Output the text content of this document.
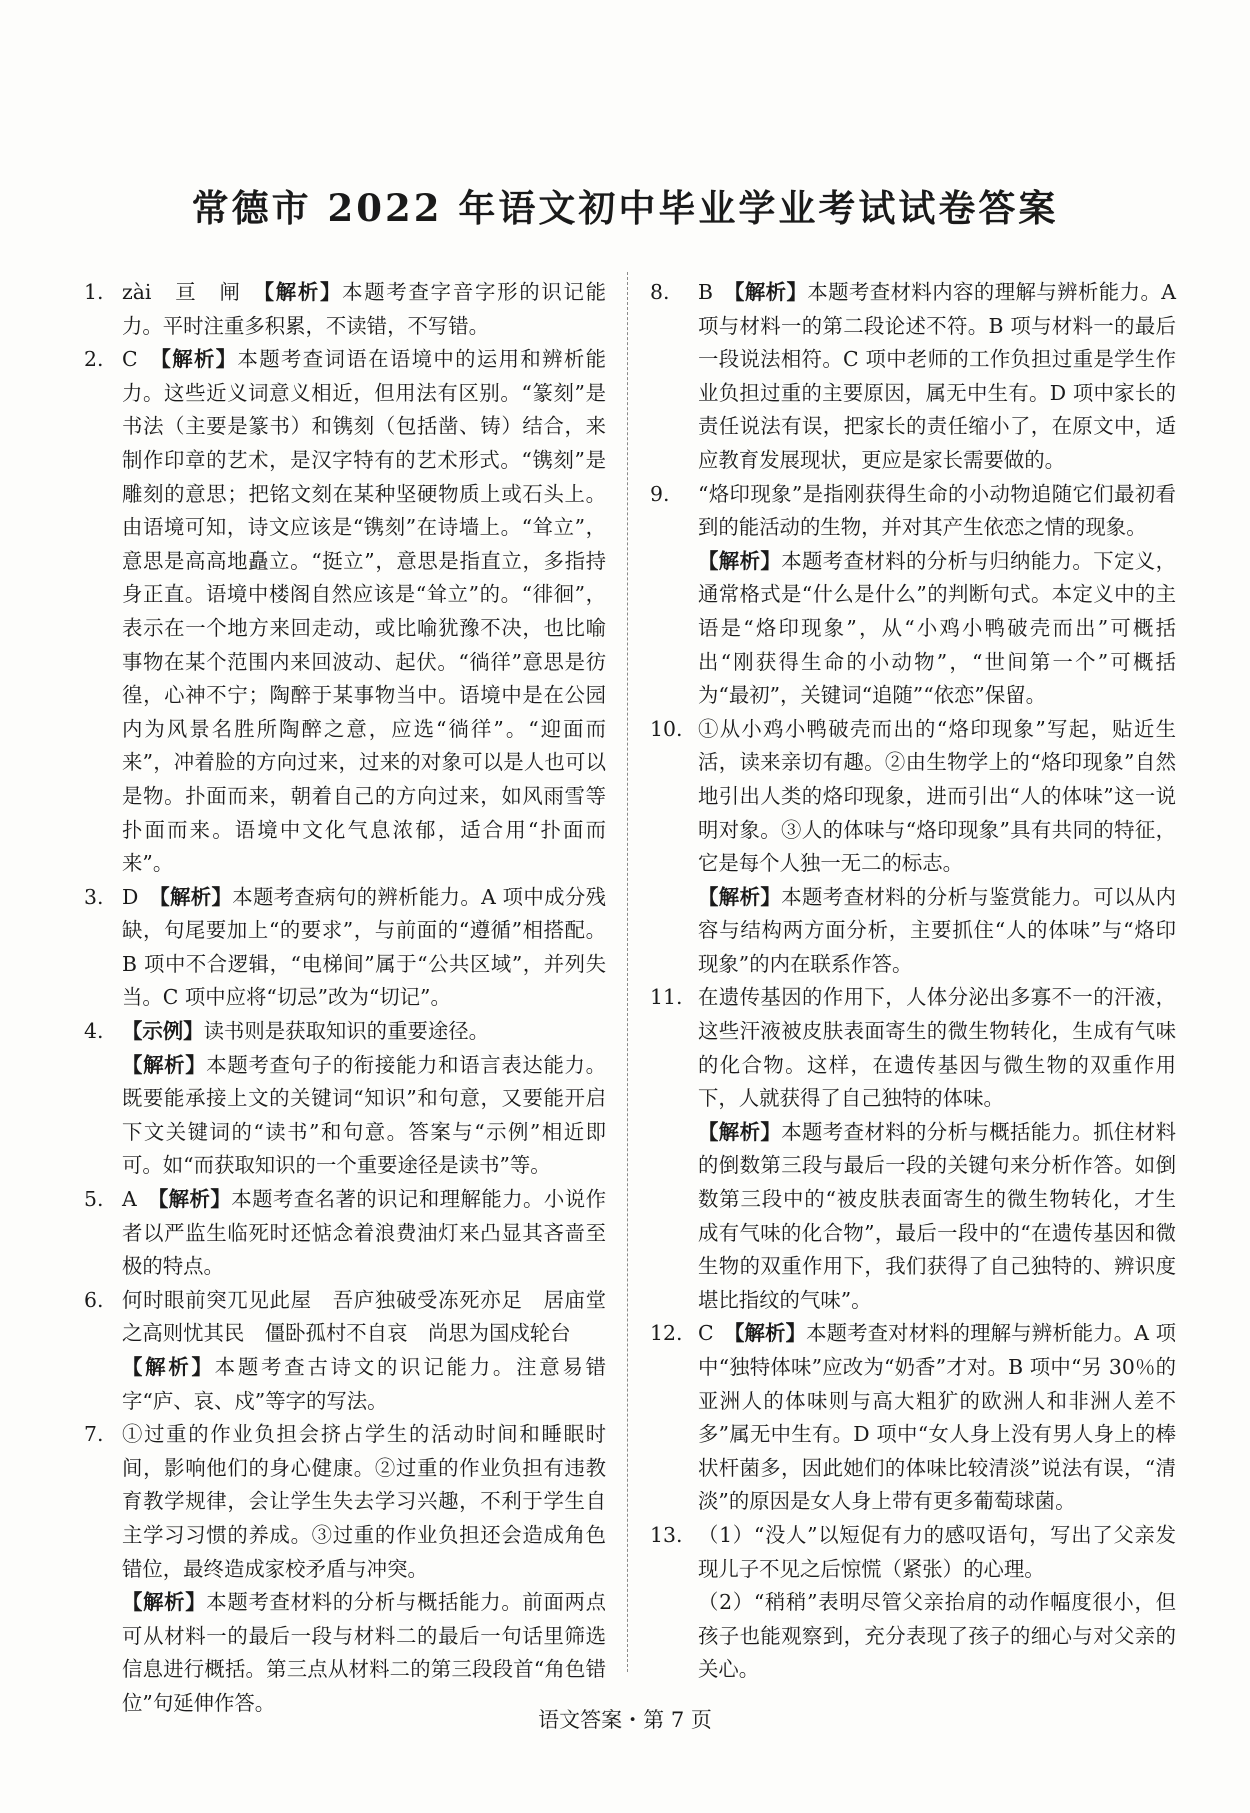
常德市 2022 年语文初中毕业学业考试试卷答案
1. zài　亘　闸　【解析】本题考查字音字形的识记能力。平时注重多积累，不读错，不写错。
2. C　【解析】本题考查词语在语境中的运用和辨析能力。这些近义词意义相近，但用法有区别。“篆刻”是书法（主要是篆书）和镌刻（包括凿、铸）结合，来制作印章的艺术，是汉字特有的艺术形式。“镌刻”是雕刻的意思；把铭文刻在某种坚硬物质上或石头上。由语境可知，诗文应该是“镌刻”在诗墙上。“耸立”，意思是高高地矗立。“挺立”，意思是指直立，多指持身正直。语境中楼阁自然应该是“耸立”的。“徘徊”，表示在一个地方来回走动，或比喻犹豫不决，也比喻事物在某个范围内来回波动、起伏。“徜徉”意思是彷徨，心神不宁；陶醉于某事物当中。语境中是在公园内为风景名胜所陶醉之意，应选“徜徉”。“迎面而来”，冲着脸的方向过来，过来的对象可以是人也可以是物。扑面而来，朝着自己的方向过来，如风雨雪等扑面而来。语境中文化气息浓郁，适合用“扑面而来”。
3. D　【解析】本题考查病句的辨析能力。A 项中成分残缺，句尾要加上“的要求”，与前面的“遵循”相搭配。B 项中不合逻辑，“电梯间”属于“公共区域”，并列失当。C 项中应将“切忌”改为“切记”。
4. 【示例】读书则是获取知识的重要途径。
【解析】本题考查句子的衔接能力和语言表达能力。既要能承接上文的关键词“知识”和句意，又要能开启下文关键词的“读书”和句意。答案与“示例”相近即可。如“而获取知识的一个重要途径是读书”等。
5. A　【解析】本题考查名著的识记和理解能力。小说作者以严监生临死时还惦念着浪费油灯来凸显其吝啬至极的特点。
6. 何时眼前突兀见此屋　吾庐独破受冻死亦足　居庙堂之高则忧其民　僵卧孤村不自哀　尚思为国戍轮台
【解析】本题考查古诗文的识记能力。注意易错字“庐、哀、戍”等字的写法。
7. ①过重的作业负担会挤占学生的活动时间和睡眠时间，影响他们的身心健康。②过重的作业负担有违教育教学规律，会让学生失去学习兴趣，不利于学生自主学习习惯的养成。③过重的作业负担还会造成角色错位，最终造成家校矛盾与冲突。
【解析】本题考查材料的分析与概括能力。前面两点可从材料一的最后一段与材料二的最后一句话里筛选信息进行概括。第三点从材料二的第三段段首“角色错位”句延伸作答。
8. B　【解析】本题考查材料内容的理解与辨析能力。A 项与材料一的第二段论述不符。B 项与材料一的最后一段说法相符。C 项中老师的工作负担过重是学生作业负担过重的主要原因，属无中生有。D 项中家长的责任说法有误，把家长的责任缩小了，在原文中，适应教育发展现状，更应是家长需要做的。
9. “烙印现象”是指刚获得生命的小动物追随它们最初看到的能活动的生物，并对其产生依恋之情的现象。
【解析】本题考查材料的分析与归纳能力。下定义，通常格式是“什么是什么”的判断句式。本定义中的主语是“烙印现象”，从“小鸡小鸭破壳而出”可概括出“刚获得生命的小动物”，“世间第一个”可概括为“最初”，关键词“追随”“依恋”保留。
10. ①从小鸡小鸭破壳而出的“烙印现象”写起，贴近生活，读来亲切有趣。②由生物学上的“烙印现象”自然地引出人类的烙印现象，进而引出“人的体味”这一说明对象。③人的体味与“烙印现象”具有共同的特征，它是每个人独一无二的标志。
【解析】本题考查材料的分析与鉴赏能力。可以从内容与结构两方面分析，主要抓住“人的体味”与“烙印现象”的内在联系作答。
11. 在遗传基因的作用下，人体分泌出多寡不一的汗液，这些汗液被皮肤表面寄生的微生物转化，生成有气味的化合物。这样，在遗传基因与微生物的双重作用下，人就获得了自己独特的体味。
【解析】本题考查材料的分析与概括能力。抓住材料的倒数第三段与最后一段的关键句来分析作答。如倒数第三段中的“被皮肤表面寄生的微生物转化，才生成有气味的化合物”，最后一段中的“在遗传基因和微生物的双重作用下，我们获得了自己独特的、辨识度堪比指纹的气味”。
12. C　【解析】本题考查对材料的理解与辨析能力。A 项中“独特体味”应改为“奶香”才对。B 项中“另 30％的亚洲人的体味则与高大粗犷的欧洲人和非洲人差不多”属无中生有。D 项中“女人身上没有男人身上的棒状杆菌多，因此她们的体味比较清淡”说法有误，“清淡”的原因是女人身上带有更多葡萄球菌。
13. （1）“没人”以短促有力的感叹语句，写出了父亲发现儿子不见之后惊慌（紧张）的心理。
（2）“稍稍”表明尽管父亲抬肩的动作幅度很小，但孩子也能观察到，充分表现了孩子的细心与对父亲的关心。
语文答案・第 7 页
